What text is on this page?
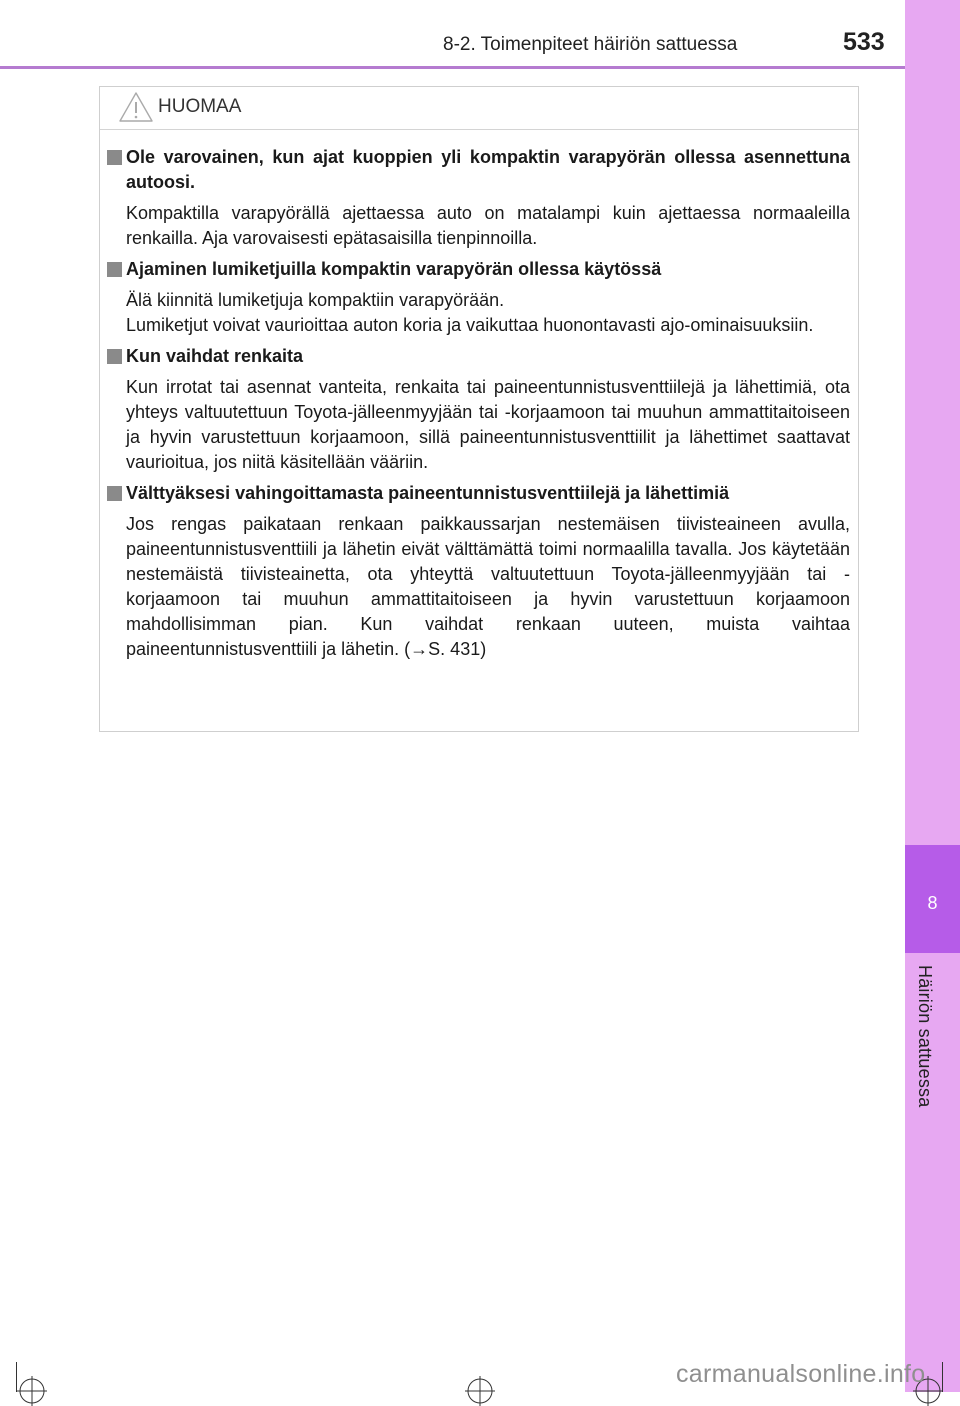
8-2. Toimenpiteet häiriön sattuessa	533
8
Häiriön sattuessa
HUOMAA
Ole varovainen, kun ajat kuoppien yli kompaktin varapyörän ollessa asennettuna autoosi.

Kompaktilla varapyörällä ajettaessa auto on matalampi kuin ajettaessa normaaleilla renkailla. Aja varovaisesti epätasaisilla tienpinnoilla.

Ajaminen lumiketjuilla kompaktin varapyörän ollessa käytössä

Älä kiinnitä lumiketjuja kompaktiin varapyörään.

Lumiketjut voivat vaurioittaa auton koria ja vaikuttaa huonontavasti ajo-ominaisuuksiin.

Kun vaihdat renkaita

Kun irrotat tai asennat vanteita, renkaita tai paineentunnistusventtiilejä ja lähettimiä, ota yhteys valtuutettuun Toyota-jälleenmyyjään tai -korjaamoon tai muuhun ammattitaitoiseen ja hyvin varustettuun korjaamoon, sillä paineentunnistusventtiilit ja lähettimet saattavat vaurioitua, jos niitä käsitellään vääriin.

Välttyäksesi vahingoittamasta paineentunnistusventtiilejä ja lähettimiä

Jos rengas paikataan renkaan paikkaussarjan nestemäisen tiivisteaineen avulla, paineentunnistusventtiili ja lähetin eivät välttämättä toimi normaalilla tavalla. Jos käytetään nestemäistä tiivisteainetta, ota yhteyttä valtuutettuun Toyota-jälleenmyyjään tai -korjaamoon tai muuhun ammattitaitoiseen ja hyvin varustettuun korjaamoon mahdollisimman pian. Kun vaihdat renkaan uuteen, muista vaihtaa paineentunnistusventtiili ja lähetin. (→S. 431)

carmanualsonline.info
